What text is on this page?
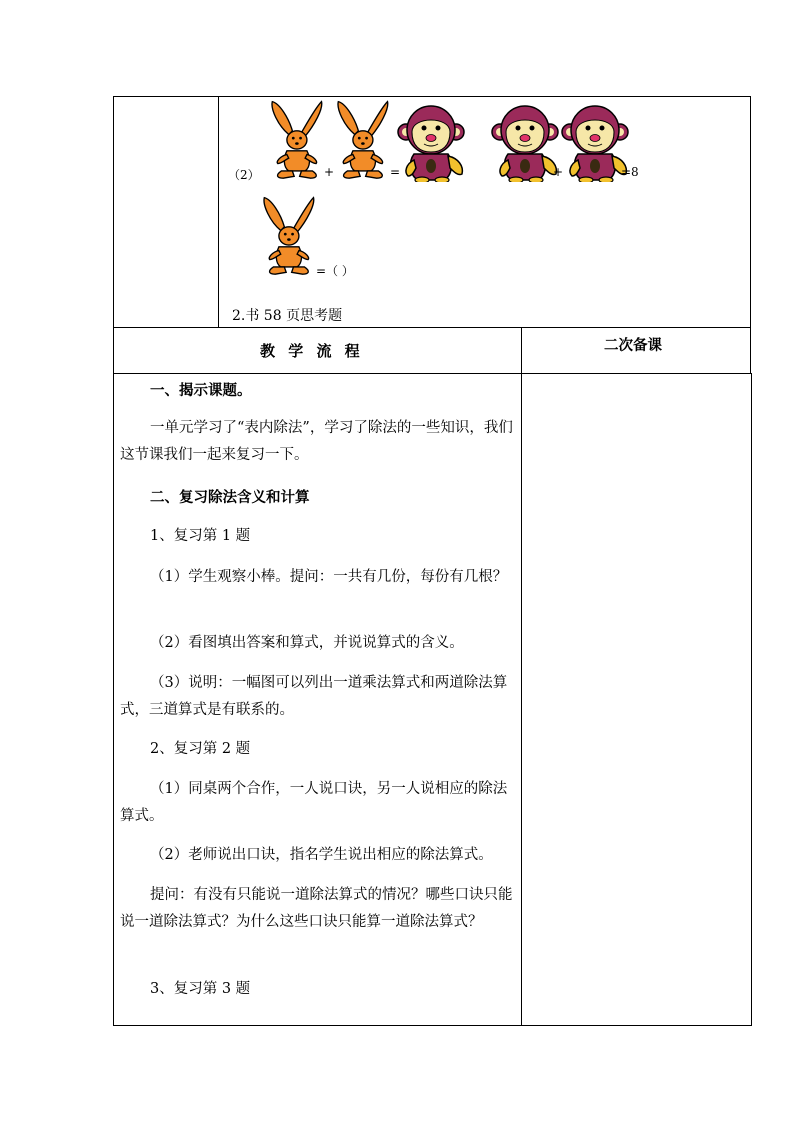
（2）	+	=	+	=8
=（ ）
2.书 58 页思考题
教 学 流 程	二次备课
一、揭示课题。
一单元学习了“表内除法”，学习了除法的一些知识，我们这节课我们一起来复习一下。
二、复习除法含义和计算
1、复习第 1 题
（1）学生观察小棒。提问：一共有几份，每份有几根？
（2）看图填出答案和算式，并说说算式的含义。
（3）说明：一幅图可以列出一道乘法算式和两道除法算式，三道算式是有联系的。
2、复习第 2 题
（1）同桌两个合作，一人说口诀，另一人说相应的除法算式。
（2）老师说出口诀，指名学生说出相应的除法算式。
提问：有没有只能说一道除法算式的情况？哪些口诀只能说一道除法算式？为什么这些口诀只能算一道除法算式？
3、复习第 3 题
